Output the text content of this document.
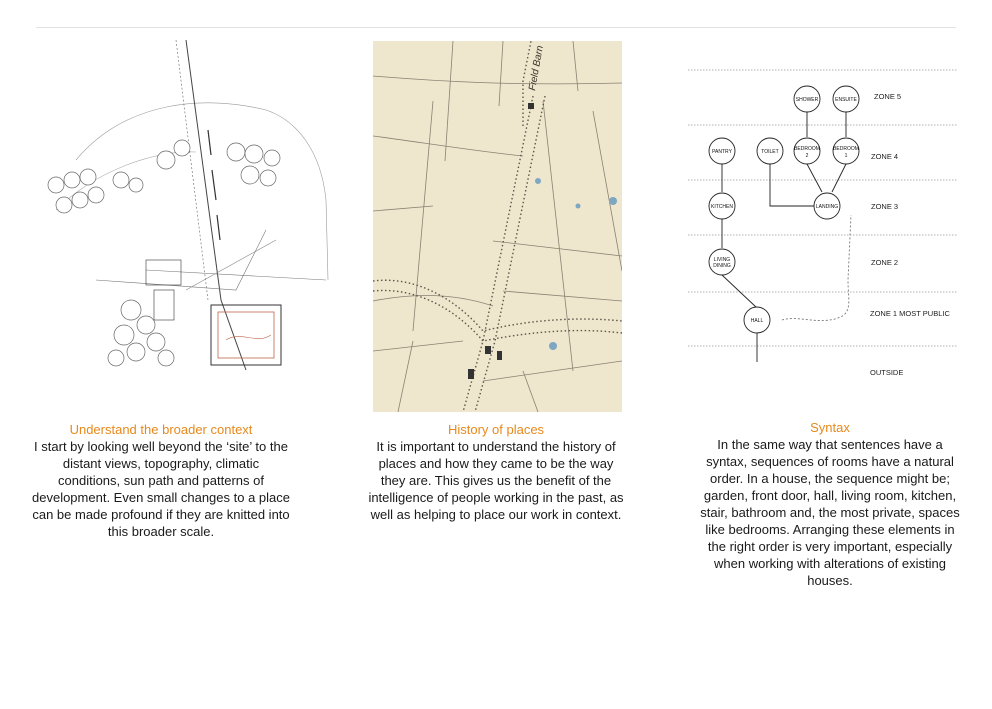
Field Barn
ZONE 5
ZONE 4
ZONE 3
ZONE 2
ZONE 1 MOST PUBLIC
OUTSIDE
SHOWER	ENSUITE
PANTRY	TOILET	BEDROOM
2
BEDROOM
1
KITCHEN	LANDING
LIVING
DINING
HALL

Understand the broader context

I start by looking well beyond the ‘site’ to the distant views, topography, climatic conditions, sun path and patterns of development. Even small changes to a place can be made profound if they are knitted into this broader scale.

History of places

It is important to understand the history of places and how they came to be the way they are. This gives us the benefit of the intelligence of people working in the past, as well as helping to place our work in context.

Syntax

In the same way that sentences have a syntax, sequences of rooms have a natural order. In a house, the sequence might be; garden, front door, hall, living room, kitchen, stair, bathroom and, the most private, spaces like bedrooms. Arranging these elements in the right order is very important, especially when working with alterations of existing houses.
